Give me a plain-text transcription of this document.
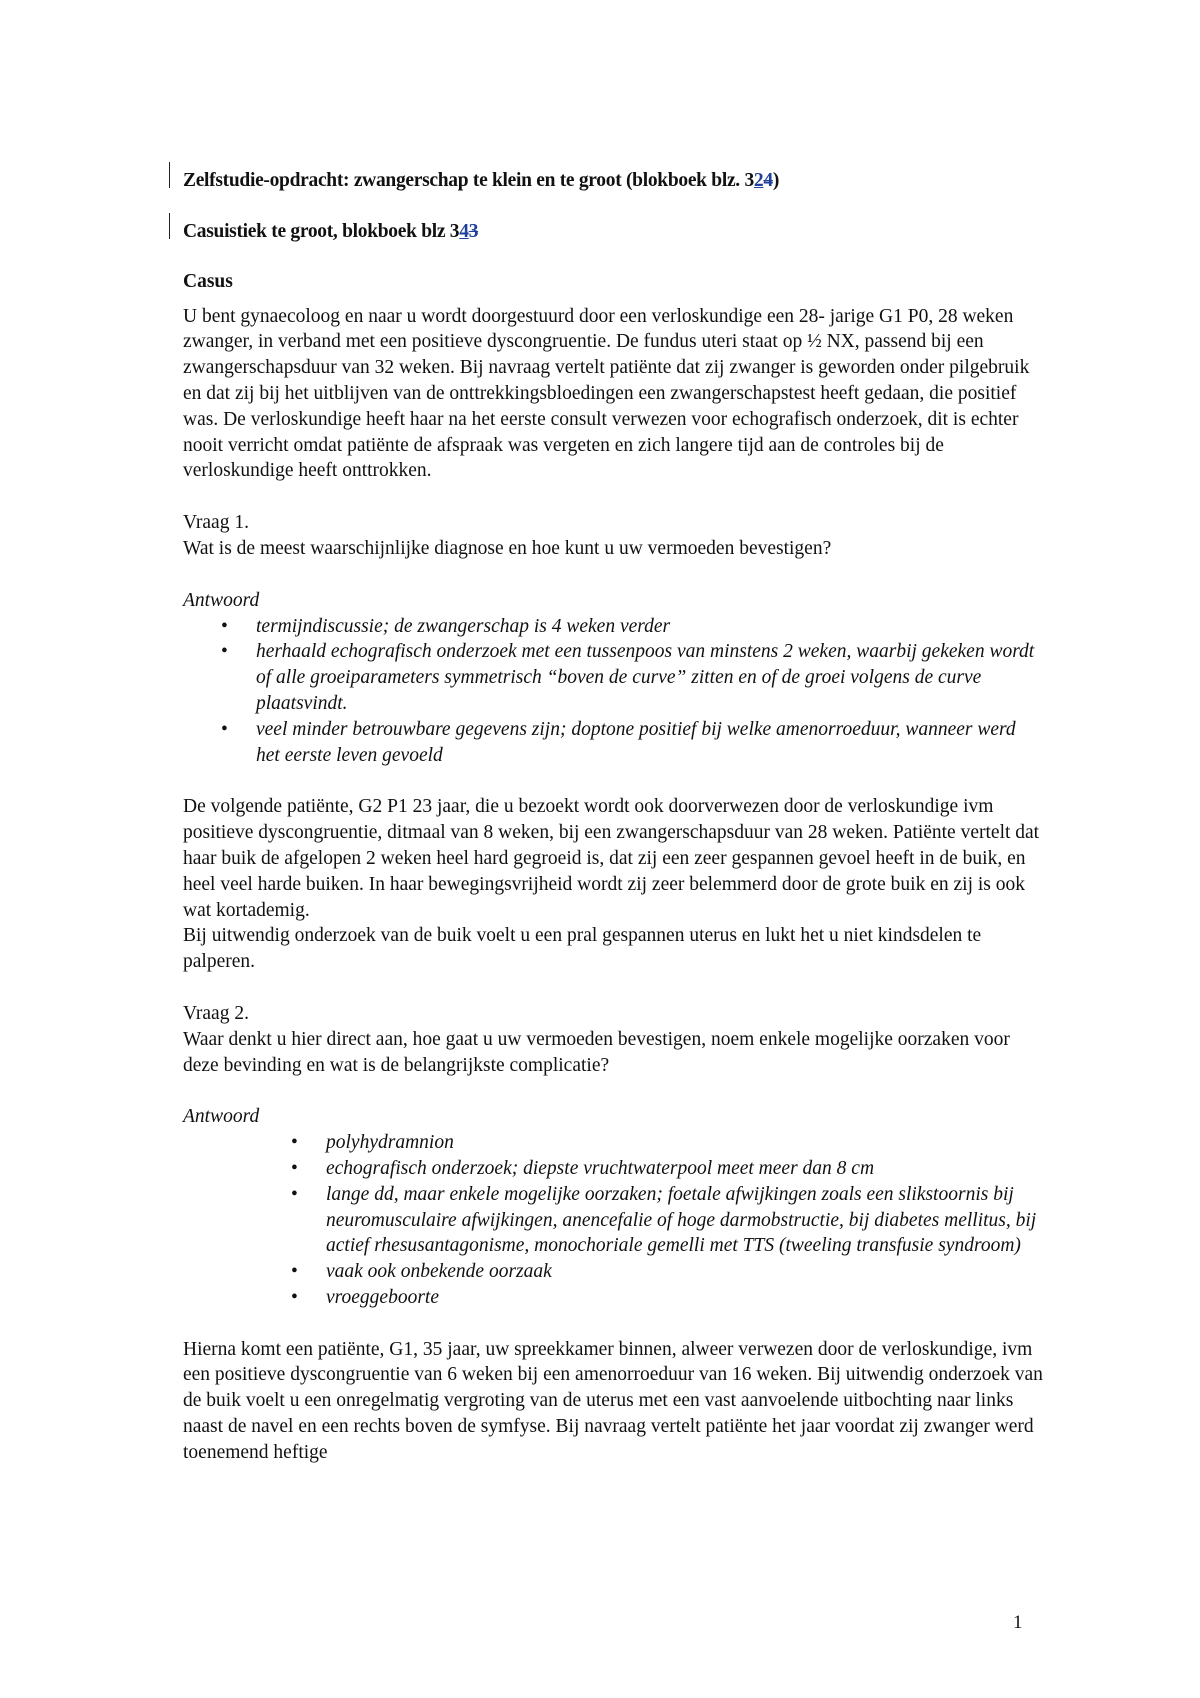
Zelfstudie-opdracht: zwangerschap te klein en te groot (blokboek blz. 324)
Casuistiek te groot, blokboek blz 343

Casus

U bent gynaecoloog en naar u wordt doorgestuurd door een verloskundige een 28- jarige G1 P0, 28 weken zwanger, in verband met een positieve dyscongruentie. De fundus uteri staat op ½ NX, passend bij een zwangerschapsduur van 32 weken. Bij navraag vertelt patiënte dat zij zwanger is geworden onder pilgebruik en dat zij bij het uitblijven van de onttrekkingsbloedingen een zwangerschapstest heeft gedaan, die positief was. De verloskundige heeft haar na het eerste consult verwezen voor echografisch onderzoek, dit is echter nooit verricht omdat patiënte de afspraak was vergeten en zich langere tijd aan de controles bij de verloskundige heeft onttrokken.

Vraag 1.

Wat is de meest waarschijnlijke diagnose en hoe kunt u uw vermoeden bevestigen?

Antwoord

• termijndiscussie; de zwangerschap is 4 weken verder
• herhaald echografisch onderzoek met een tussenpoos van minstens 2 weken, waarbij gekeken wordt of alle groeiparameters symmetrisch “boven de curve” zitten en of de groei volgens de curve plaatsvindt.
• veel minder betrouwbare gegevens zijn; doptone positief bij welke amenorroeduur, wanneer werd het eerste leven gevoeld

De volgende patiënte, G2 P1 23 jaar, die u bezoekt wordt ook doorverwezen door de verloskundige ivm positieve dyscongruentie, ditmaal van 8 weken, bij een zwangerschapsduur van 28 weken. Patiënte vertelt dat haar buik de afgelopen 2 weken heel hard gegroeid is, dat zij een zeer gespannen gevoel heeft in de buik, en heel veel harde buiken. In haar bewegingsvrijheid wordt zij zeer belemmerd door de grote buik en zij is ook wat kortademig.

Bij uitwendig onderzoek van de buik voelt u een pral gespannen uterus en lukt het u niet kindsdelen te palperen.

Vraag 2.

Waar denkt u hier direct aan, hoe gaat u uw vermoeden bevestigen, noem enkele mogelijke oorzaken voor deze bevinding en wat is de belangrijkste complicatie?

Antwoord

• polyhydramnion
• echografisch onderzoek; diepste vruchtwaterpool meet meer dan 8 cm
• lange dd, maar enkele mogelijke oorzaken; foetale afwijkingen zoals een slikstoornis bij neuromusculaire afwijkingen, anencefalie of hoge darmobstructie, bij diabetes mellitus, bij actief rhesusantagonisme, monochoriale gemelli met TTS (tweeling transfusie syndroom)
• vaak ook onbekende oorzaak
• vroeggeboorte

Hierna komt een patiënte, G1, 35 jaar, uw spreekkamer binnen, alweer verwezen door de verloskundige, ivm een positieve dyscongruentie van 6 weken bij een amenorroeduur van 16 weken. Bij uitwendig onderzoek van de buik voelt u een onregelmatig vergroting van de uterus met een vast aanvoelende uitbochting naar links naast de navel en een rechts boven de symfyse. Bij navraag vertelt patiënte het jaar voordat zij zwanger werd toenemend heftige

1
